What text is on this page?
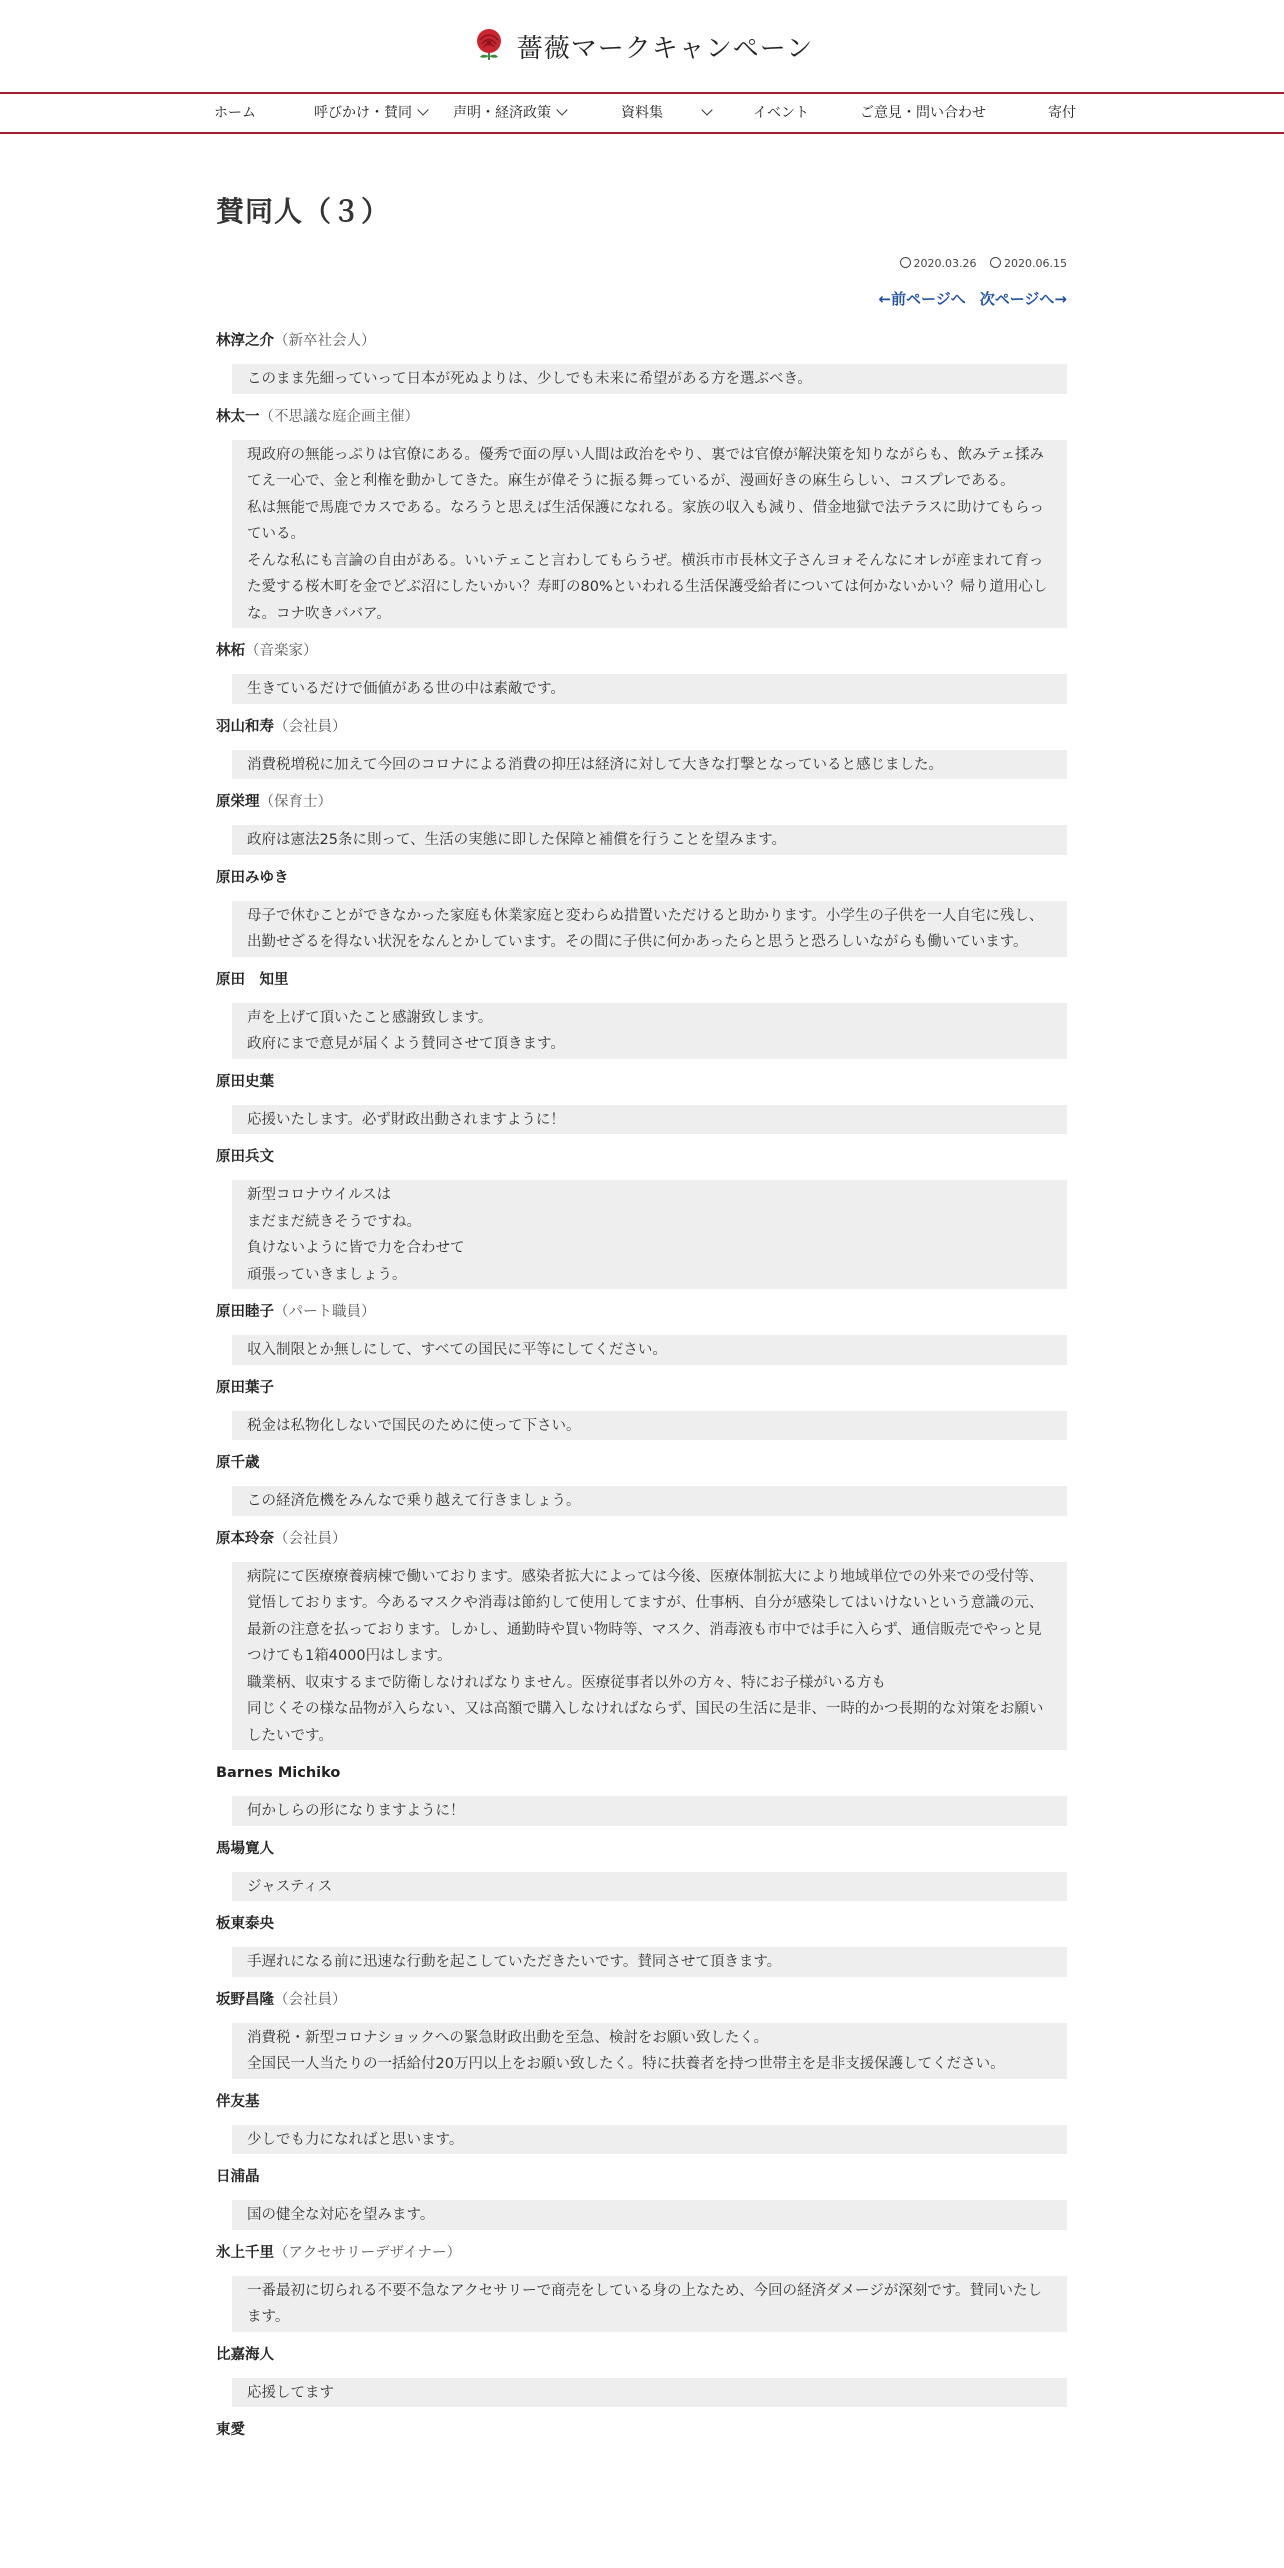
薔薇マークキャンペーン
ホーム	呼びかけ・賛同	声明・経済政策	資料集	イベント	ご意見・問い合わせ	寄付
賛同人（３）
2020.03.26	2020.06.15
←前ページへ 次ページへ→
林淳之介（新卒社会人）
このまま先細っていって日本が死ぬよりは、少しでも未来に希望がある方を選ぶべき。
林太一（不思議な庭企画主催）
現政府の無能っぷりは官僚にある。優秀で面の厚い人間は政治をやり、裏では官僚が解決策を知りながらも、飲みテェ揉みてえ一心で、金と利権を動かしてきた。麻生が偉そうに振る舞っているが、漫画好きの麻生らしい、コスプレである。
私は無能で馬鹿でカスである。なろうと思えば生活保護になれる。家族の収入も減り、借金地獄で法テラスに助けてもらっている。
そんな私にも言論の自由がある。いいテェこと言わしてもらうぜ。横浜市市長林文子さんヨォそんなにオレが産まれて育った愛する桜木町を金でどぶ沼にしたいかい？寿町の80%といわれる生活保護受給者については何かないかい？帰り道用心しな。コナ吹きババア。
林柘（音楽家）
生きているだけで価値がある世の中は素敵です。
羽山和寿（会社員）
消費税増税に加えて今回のコロナによる消費の抑圧は経済に対して大きな打撃となっていると感じました。
原栄理（保育士）
政府は憲法25条に則って、生活の実態に即した保障と補償を行うことを望みます。
原田みゆき
母子で休むことができなかった家庭も休業家庭と変わらぬ措置いただけると助かります。小学生の子供を一人自宅に残し、出勤せざるを得ない状況をなんとかしています。その間に子供に何かあったらと思うと恐ろしいながらも働いています。
原田　知里
声を上げて頂いたこと感謝致します。
政府にまで意見が届くよう賛同させて頂きます。
原田史葉
応援いたします。必ず財政出動されますように！
原田兵文
新型コロナウイルスは
まだまだ続きそうですね。
負けないように皆で力を合わせて
頑張っていきましょう。
原田睦子（パート職員）
収入制限とか無しにして、すべての国民に平等にしてください。
原田葉子
税金は私物化しないで国民のために使って下さい。
原千歳
この経済危機をみんなで乗り越えて行きましょう。
原本玲奈（会社員）
病院にて医療療養病棟で働いております。感染者拡大によっては今後、医療体制拡大により地域単位での外来での受付等、覚悟しております。今あるマスクや消毒は節約して使用してますが、仕事柄、自分が感染してはいけないという意識の元、最新の注意を払っております。しかし、通勤時や買い物時等、マスク、消毒液も市中では手に入らず、通信販売でやっと見つけても1箱4000円はします。
職業柄、収束するまで防衛しなければなりません。医療従事者以外の方々、特にお子様がいる方も
同じくその様な品物が入らない、又は高額で購入しなければならず、国民の生活に是非、一時的かつ長期的な対策をお願いしたいです。
Barnes Michiko
何かしらの形になりますように！
馬場寛人
ジャスティス
板東泰央
手遅れになる前に迅速な行動を起こしていただきたいです。賛同させて頂きます。
坂野昌隆（会社員）
消費税・新型コロナショックへの緊急財政出動を至急、検討をお願い致したく。
全国民一人当たりの一括給付20万円以上をお願い致したく。特に扶養者を持つ世帯主を是非支援保護してください。
伴友基
少しでも力になればと思います。
日浦晶
国の健全な対応を望みます。
氷上千里（アクセサリーデザイナー）
一番最初に切られる不要不急なアクセサリーで商売をしている身の上なため、今回の経済ダメージが深刻です。賛同いたします。
比嘉海人
応援してます
東愛
